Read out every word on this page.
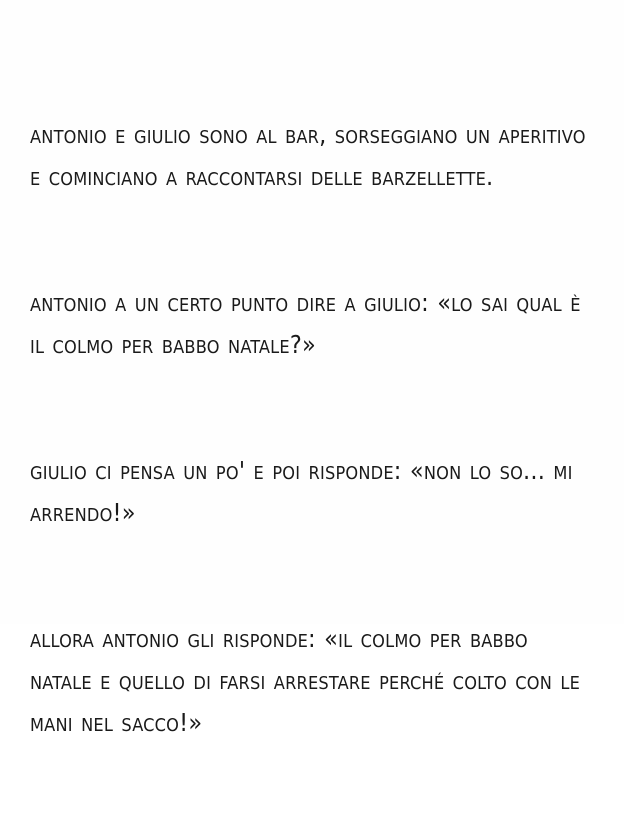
antonio e giulio sono al bar, sorseggiano un aperitivo e cominciano a raccontarsi delle barzellette.

antonio a un certo punto dire a giulio: «lo sai qual è il colmo per babbo natale?»

giulio ci pensa un po' e poi risponde: «non lo so... mi arrendo!»

allora antonio gli risponde: «il colmo per babbo natale e quello di farsi arrestare perché colto con le mani nel sacco!»
